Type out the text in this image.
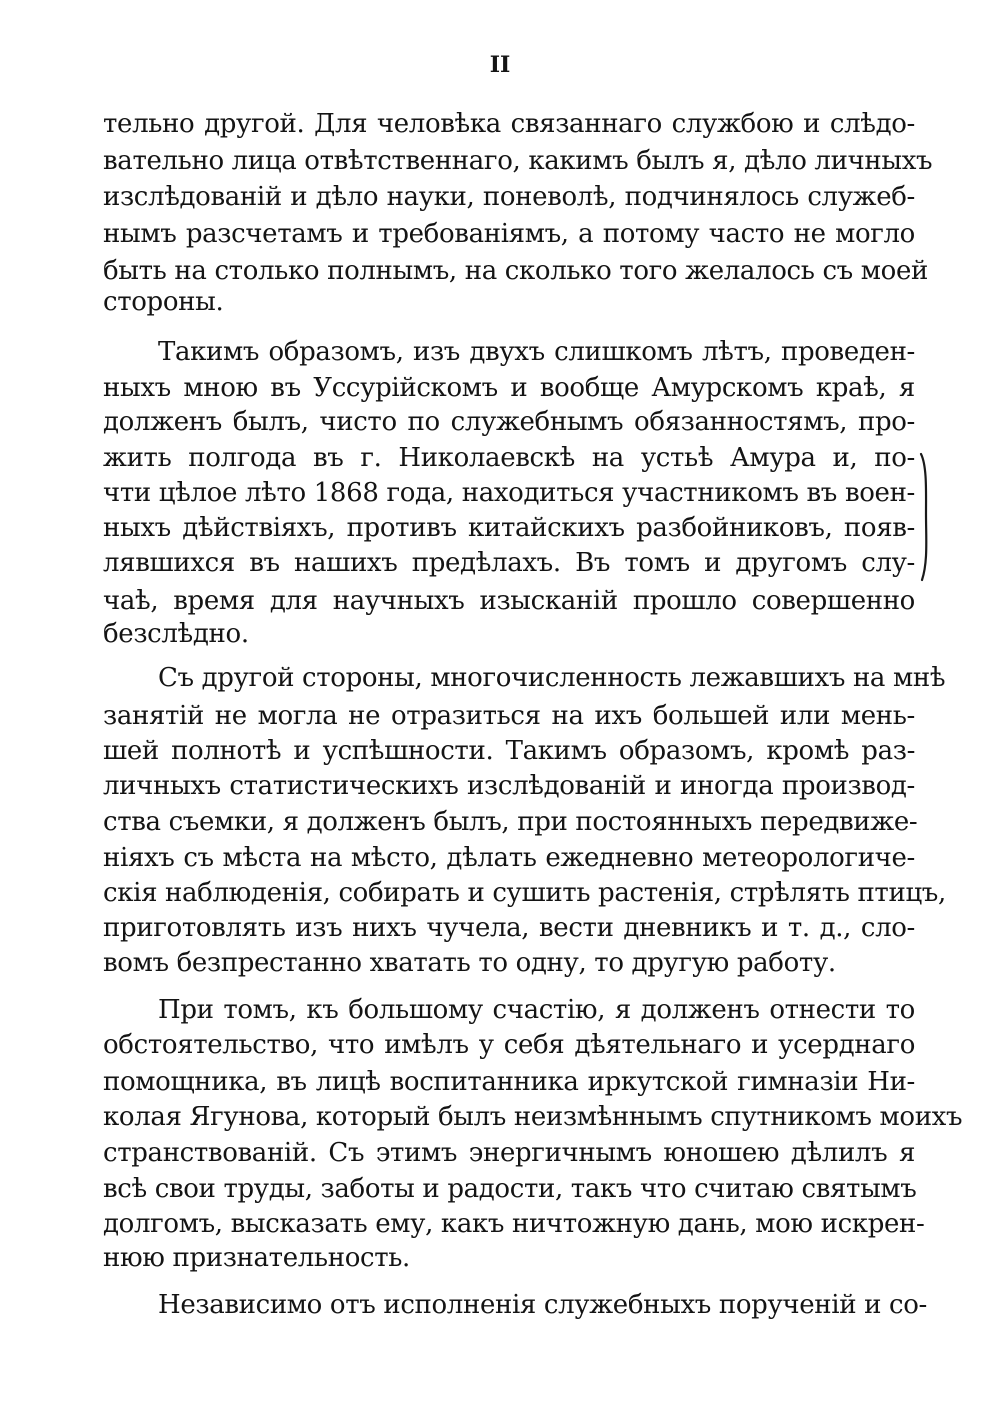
II
тельно другой. Для человѣка связаннаго службою и слѣдо-
вательно лица отвѣтственнаго, какимъ былъ я, дѣло личныхъ
изслѣдованій и дѣло науки, поневолѣ, подчинялось служеб-
нымъ разсчетамъ и требованіямъ, а потому часто не могло
быть на столько полнымъ, на сколько того желалось съ моей
стороны.
Такимъ образомъ, изъ двухъ слишкомъ лѣтъ, проведен-
ныхъ мною въ Уссурійскомъ и вообще Амурскомъ краѣ, я
долженъ былъ, чисто по служебнымъ обязанностямъ, про-
жить полгода въ г. Николаевскѣ на устьѣ Амура и, по-
чти цѣлое лѣто 1868 года, находиться участникомъ въ воен-
ныхъ дѣйствіяхъ, противъ китайскихъ разбойниковъ, появ-
лявшихся въ нашихъ предѣлахъ. Въ томъ и другомъ слу-
чаѣ, время для научныхъ изысканій прошло совершенно
безслѣдно.
Съ другой стороны, многочисленность лежавшихъ на мнѣ
занятій не могла не отразиться на ихъ большей или мень-
шей полнотѣ и успѣшности. Такимъ образомъ, кромѣ раз-
личныхъ статистическихъ изслѣдованій и иногда производ-
ства съемки, я долженъ былъ, при постоянныхъ передвиже-
ніяхъ съ мѣста на мѣсто, дѣлать ежедневно метеорологиче-
скія наблюденія, собирать и сушить растенія, стрѣлять птицъ,
приготовлять изъ нихъ чучела, вести дневникъ и т. д., сло-
вомъ безпрестанно хватать то одну, то другую работу.
При томъ, къ большому счастію, я долженъ отнести то
обстоятельство, что имѣлъ у себя дѣятельнаго и усерднаго
помощника, въ лицѣ воспитанника иркутской гимназіи Ни-
колая Ягунова, который былъ неизмѣннымъ спутникомъ моихъ
странствованій. Съ этимъ энергичнымъ юношею дѣлилъ я
всѣ свои труды, заботы и радости, такъ что считаю святымъ
долгомъ, высказать ему, какъ ничтожную дань, мою искрен-
нюю признательность.
Независимо отъ исполненія служебныхъ порученій и со-
